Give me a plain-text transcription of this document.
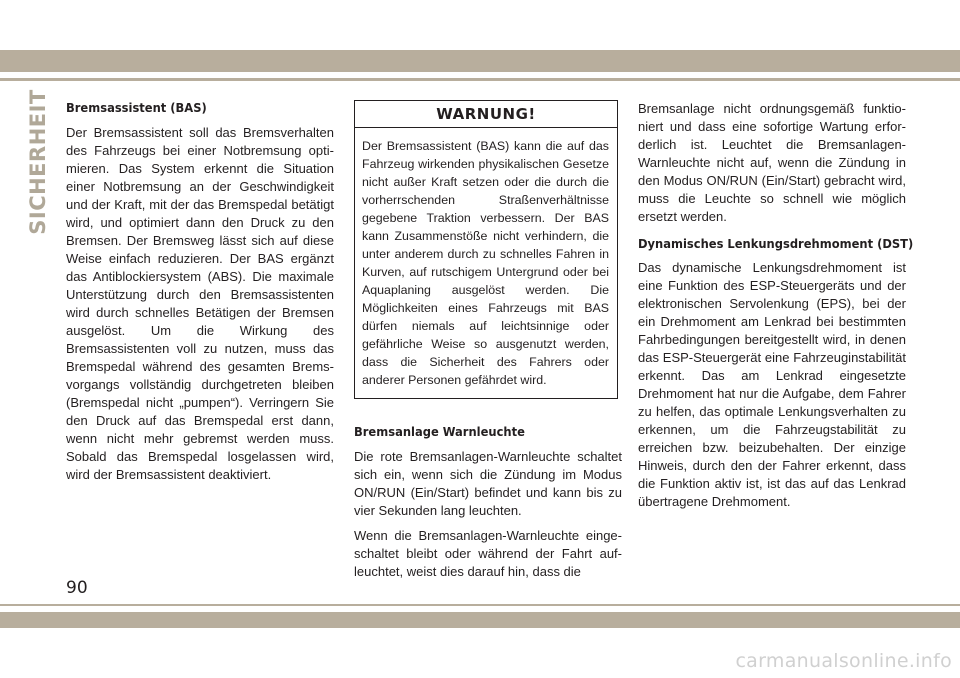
SICHERHEIT Bremsassistent (BAS)

Der Bremsassistent soll das Bremsverhalten des Fahrzeugs bei einer Notbremsung optimieren. Das System erkennt die Situation einer Notbremsung an der Geschwindigkeit und der Kraft, mit der das Bremspedal betätigt wird, und optimiert dann den Druck zu den Bremsen. Der Bremsweg lässt sich auf diese Weise einfach reduzieren. Der BAS ergänzt das Antiblockiersystem (ABS). Die maximale Unterstützung durch den Bremsassistenten wird durch schnelles Betätigen der Bremsen ausgelöst. Um die Wirkung des Bremsassistenten voll zu nutzen, muss das Bremspedal während des gesamten Bremsvorgangs vollständig durchgetreten bleiben (Bremspedal nicht „pumpen“). Verringern Sie den Druck auf das Bremspedal erst dann, wenn nicht mehr gebremst werden muss. Sobald das Bremspedal losgelassen wird, wird der Bremsassistent deaktiviert.

WARNUNG!
Der Bremsassistent (BAS) kann die auf das Fahrzeug wirkenden physikalischen Gesetze nicht außer Kraft setzen oder die durch die vorherrschenden Straßenverhältnisse gegebene Traktion verbessern. Der BAS kann Zusammenstöße nicht verhindern, die unter anderem durch zu schnelles Fahren in Kurven, auf rutschigem Untergrund oder bei Aquaplaning ausgelöst werden. Die Möglichkeiten eines Fahrzeugs mit BAS dürfen niemals auf leichtsinnige oder gefährliche Weise so ausgenutzt werden, dass die Sicherheit des Fahrers oder anderer Personen gefährdet wird.
Bremsanlage Warnleuchte

Die rote Bremsanlagen-Warnleuchte schaltet sich ein, wenn sich die Zündung im Modus ON/RUN (Ein/Start) befindet und kann bis zu vier Sekunden lang leuchten.

Wenn die Bremsanlagen-Warnleuchte eingeschaltet bleibt oder während der Fahrt aufleuchtet, weist dies darauf hin, dass die

Bremsanlage nicht ordnungsgemäß funktioniert und dass eine sofortige Wartung erforderlich ist. Leuchtet die Bremsanlagen-Warnleuchte nicht auf, wenn die Zündung in den Modus ON/RUN (Ein/Start) gebracht wird, muss die Leuchte so schnell wie möglich ersetzt werden.

Dynamisches Lenkungsdrehmoment (DST)

Das dynamische Lenkungsdrehmoment ist eine Funktion des ESP-Steuergeräts und der elektronischen Servolenkung (EPS), bei der ein Drehmoment am Lenkrad bei bestimmten Fahrbedingungen bereitgestellt wird, in denen das ESP-Steuergerät eine Fahrzeuginstabilität erkennt. Das am Lenkrad eingesetzte Drehmoment hat nur die Aufgabe, dem Fahrer zu helfen, das optimale Lenkungsverhalten zu erkennen, um die Fahrzeugstabilität zu erreichen bzw. beizubehalten. Der einzige Hinweis, durch den der Fahrer erkennt, dass die Funktion aktiv ist, ist das auf das Lenkrad übertragene Drehmoment.

90
carmanualsonline.info
